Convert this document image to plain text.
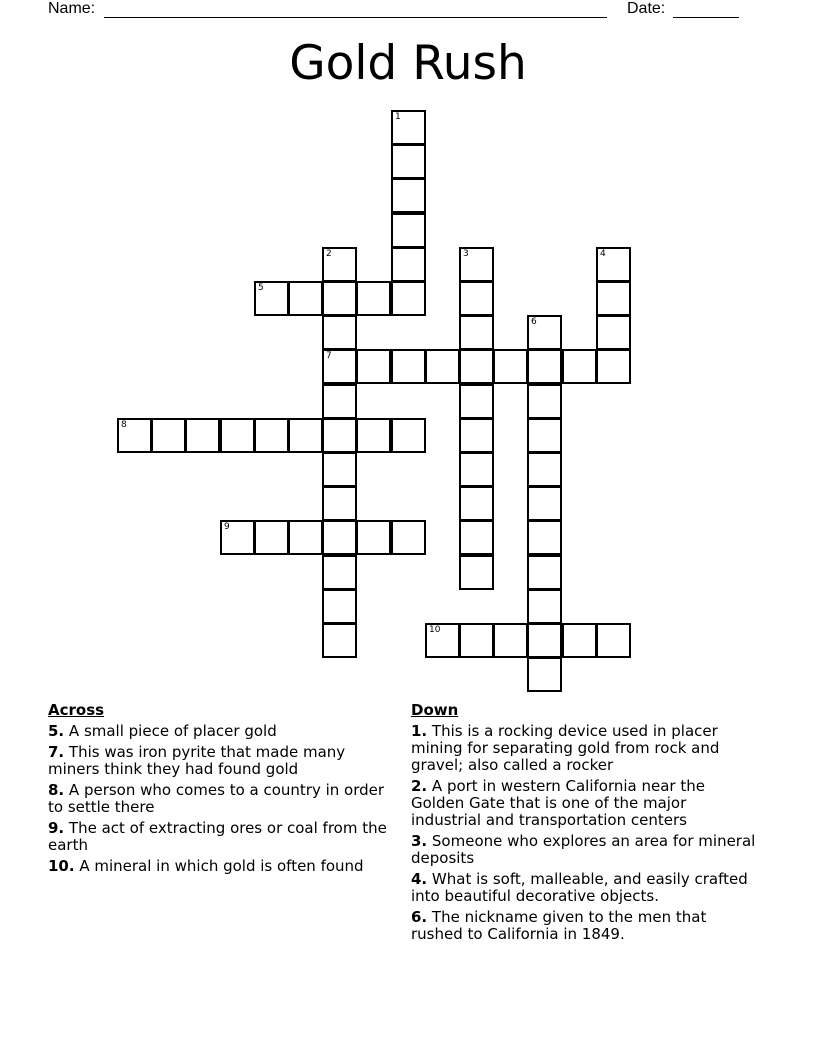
Name:	Date:
Gold Rush
1
2
7
3	4
5
6
8
9
10
Across
5. A small piece of placer gold
7. This was iron pyrite that made many miners think they had found gold
8. A person who comes to a country in order to settle there
9. The act of extracting ores or coal from the earth
10. A mineral in which gold is often found
Down
1. This is a rocking device used in placer mining for separating gold from rock and gravel; also called a rocker
2. A port in western California near the Golden Gate that is one of the major industrial and transportation centers
3. Someone who explores an area for mineral deposits
4. What is soft, malleable, and easily crafted into beautiful decorative objects.
6. The nickname given to the men that rushed to California in 1849.
